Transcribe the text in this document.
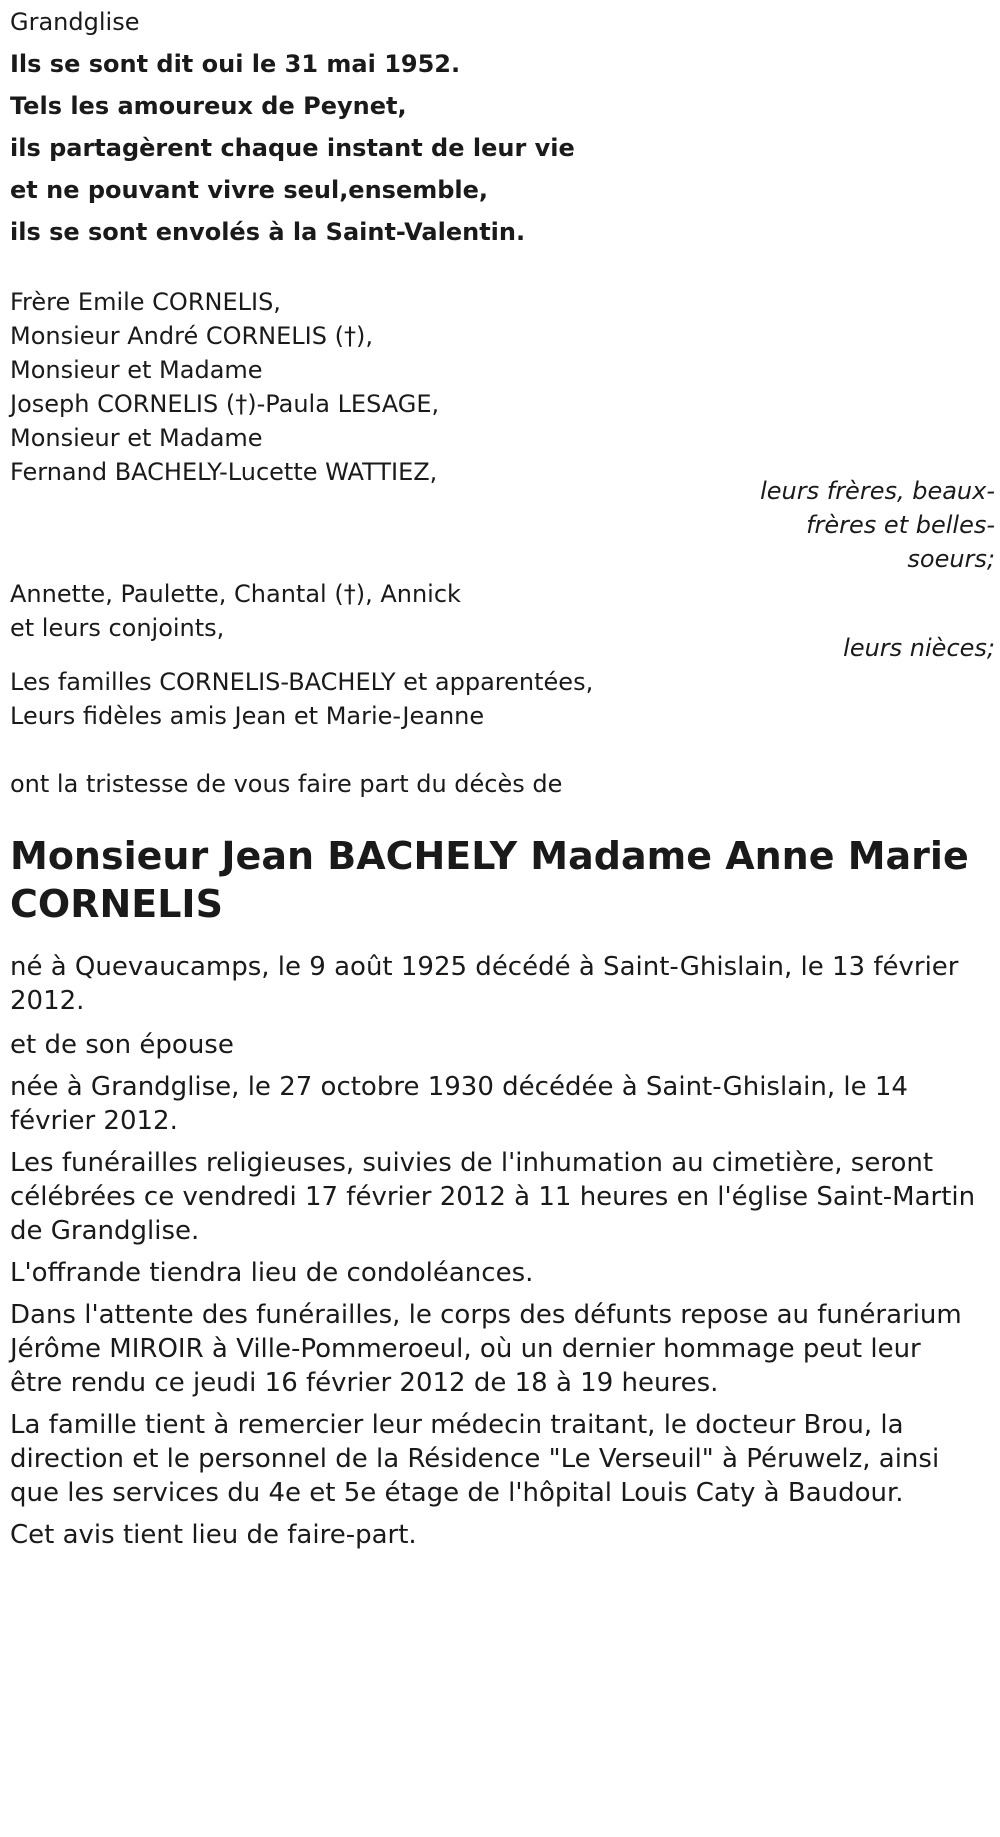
Grandglise
Ils se sont dit oui le 31 mai 1952.
Tels les amoureux de Peynet,
ils partagèrent chaque instant de leur vie
et ne pouvant vivre seul,ensemble,
ils se sont envolés à la Saint-Valentin.
Frère Emile CORNELIS,
Monsieur André CORNELIS (†),
Monsieur et Madame
Joseph CORNELIS (†)-Paula LESAGE,
Monsieur et Madame
Fernand BACHELY-Lucette WATTIEZ,
leurs frères, beaux-
frères et belles-
soeurs;
Annette, Paulette, Chantal (†), Annick
et leurs conjoints,
leurs nièces;
Les familles CORNELIS-BACHELY et apparentées,
Leurs fidèles amis Jean et Marie-Jeanne
ont la tristesse de vous faire part du décès de
Monsieur Jean BACHELY Madame Anne Marie
CORNELIS
né à Quevaucamps, le 9 août 1925 décédé à Saint-Ghislain, le 13 février
2012.
et de son épouse
née à Grandglise, le 27 octobre 1930 décédée à Saint-Ghislain, le 14
février 2012.
Les funérailles religieuses, suivies de l'inhumation au cimetière, seront
célébrées ce vendredi 17 février 2012 à 11 heures en l'église Saint-Martin
de Grandglise.
L'offrande tiendra lieu de condoléances.
Dans l'attente des funérailles, le corps des défunts repose au funérarium
Jérôme MIROIR à Ville-Pommeroeul, où un dernier hommage peut leur
être rendu ce jeudi 16 février 2012 de 18 à 19 heures.
La famille tient à remercier leur médecin traitant, le docteur Brou, la
direction et le personnel de la Résidence "Le Verseuil" à Péruwelz, ainsi
que les services du 4e et 5e étage de l'hôpital Louis Caty à Baudour.
Cet avis tient lieu de faire-part.
